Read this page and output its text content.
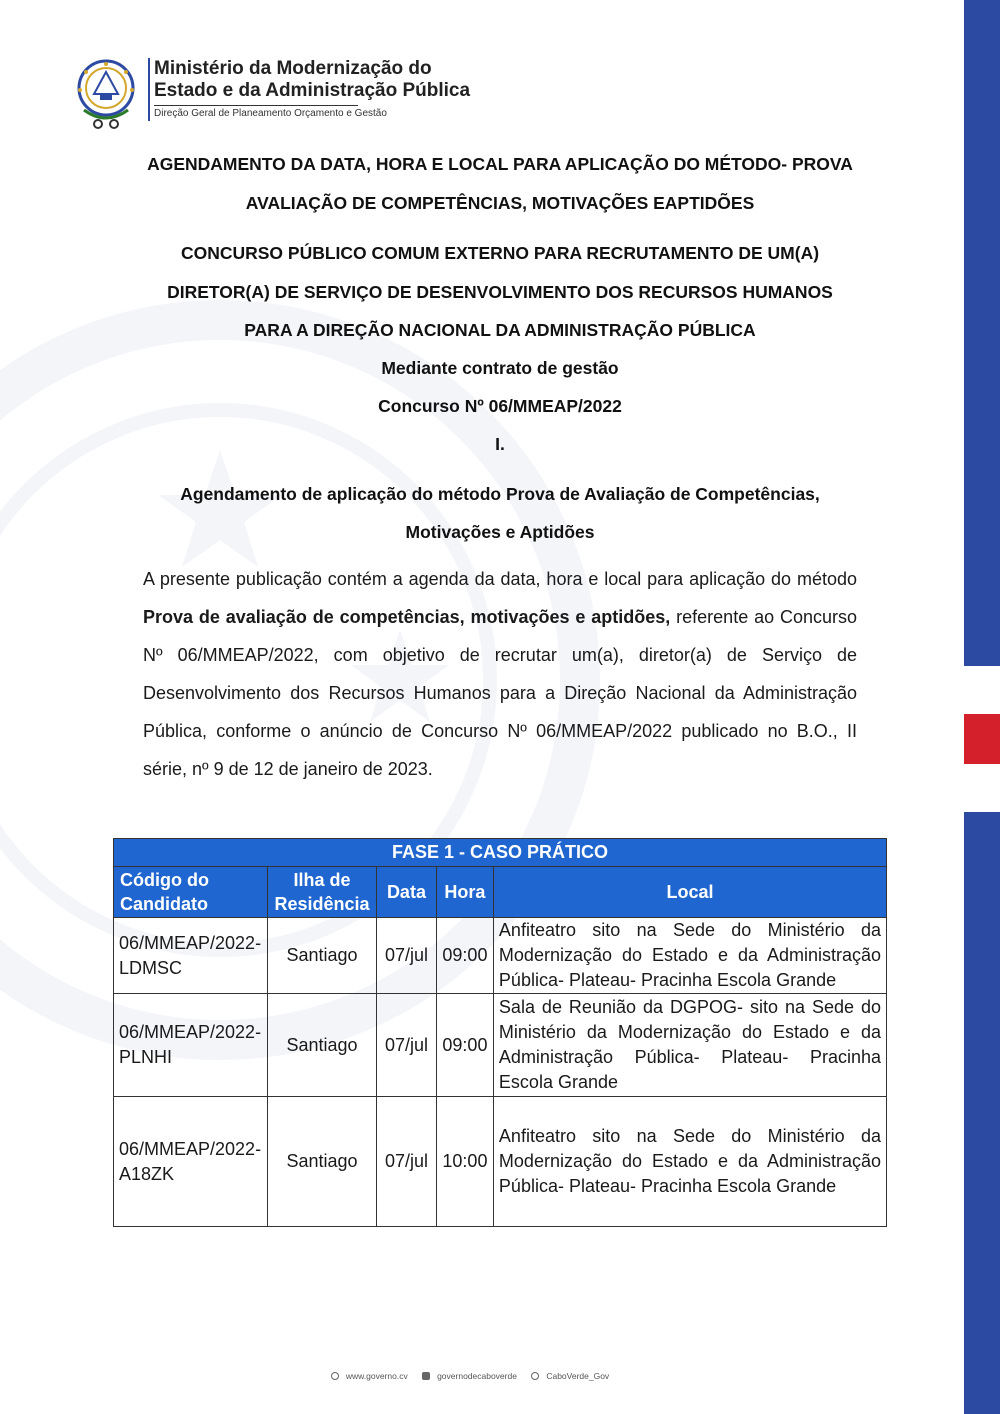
Ministério da Modernização do
Estado e da Administração Pública
Direção Geral de Planeamento Orçamento e Gestão
AGENDAMENTO DA DATA, HORA E LOCAL PARA APLICAÇÃO DO MÉTODO- PROVA
AVALIAÇÃO DE COMPETÊNCIAS, MOTIVAÇÕES EAPTIDÕES
CONCURSO PÚBLICO COMUM EXTERNO PARA RECRUTAMENTO DE UM(A)
DIRETOR(A) DE SERVIÇO DE DESENVOLVIMENTO DOS RECURSOS HUMANOS
PARA A DIREÇÃO NACIONAL DA ADMINISTRAÇÃO PÚBLICA
Mediante contrato de gestão
Concurso Nº 06/MMEAP/2022
I.
Agendamento de aplicação do método Prova de Avaliação de Competências,
Motivações e Aptidões
A presente publicação contém a agenda da data, hora e local para aplicação do método Prova de avaliação de competências, motivações e aptidões, referente ao Concurso Nº 06/MMEAP/2022, com objetivo de recrutar um(a), diretor(a) de Serviço de Desenvolvimento dos Recursos Humanos para a Direção Nacional da Administração Pública, conforme o anúncio de Concurso Nº 06/MMEAP/2022 publicado no B.O., II série, nº 9 de 12 de janeiro de 2023.
FASE 1 - CASO PRÁTICO				
Código do Candidato	Ilha de Residência	Data	Hora	Local
06/MMEAP/2022-LDMSC	Santiago	07/jul	09:00	Anfiteatro sito na Sede do Ministério da Modernização do Estado e da Administração Pública- Plateau- Pracinha Escola Grande
06/MMEAP/2022-PLNHI	Santiago	07/jul	09:00	Sala de Reunião da DGPOG- sito na Sede do Ministério da Modernização do Estado e da Administração Pública- Plateau- Pracinha Escola Grande
06/MMEAP/2022-A18ZK	Santiago	07/jul	10:00	Anfiteatro sito na Sede do Ministério da Modernização do Estado e da Administração Pública- Plateau- Pracinha Escola Grande
www.governo.cv	governodecaboverde	CaboVerde_Gov
